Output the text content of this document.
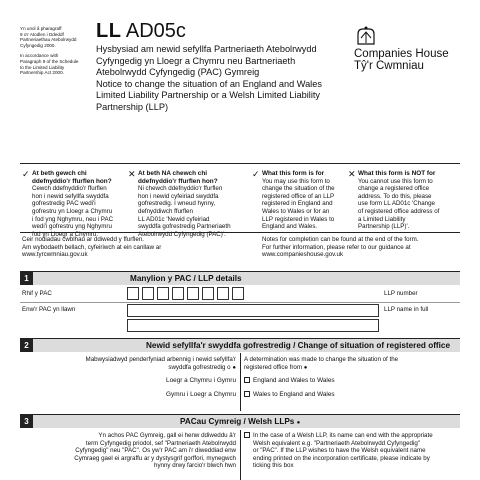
Yn unol â pharagraff
9 o'r Atodlen i Ddeddf
Partneriaethau Atebolrwydd
Cyfyngedig 2000.
In accordance with
Paragraph 9 of the Schedule
to the Limited Liability
Partnership Act 2000.
LL AD05c
Hysbysiad am newid sefyllfa Partneriaeth Atebolrwydd
Cyfyngedig yn Lloegr a Chymru neu Bartneriaeth
Atebolrwydd Cyfyngedig (PAC) Gymreig
Notice to change the situation of an England and Wales
Limited Liability Partnership or a Welsh Limited Liability
Partnership (LLP)
Companies House
Tŷ'r Cwmniau
✓ At beth gewch chi
ddefnyddio'r ffurflen hon?
Cewch ddefnyddio'r ffurflen
hon i newid sefyllfa swyddfa
gofrestredig PAC wedi'i
gofrestru yn Lloegr a Chymru
i fod yng Nghymru, neu i PAC
wedi'i gofrestru yng Nghymru
fod yn Lloegr a Chymru.
✕ At beth NA chewch chi
ddefnyddio'r ffurflen hon?
Ni chewch ddefnyddio'r ffurflen
hon i newid cyfeiriad swyddfa
gofrestredig. I wneud hynny,
defnyddiwch ffurflen
LL AD01c 'Newid cyfeiriad
swyddfa gofrestredig Partneriaeth
Atebolrwydd Cyfyngedig (PAC)'.
✓ What this form is for
You may use this form to
change the situation of the
registered office of an LLP
registered in England and
Wales to Wales or for an
LLP registered in Wales to
England and Wales.
✕ What this form is NOT for
You cannot use this form to
change a registered office
address. To do this, please
use form LL AD01c 'Change
of registered office address of
a Limited Liability
Partnership (LLP)'.
Ceir nodiadau cwblhau ar ddiwedd y ffurflen.
Am wybodaeth bellach, cyfeiriwch at ein canllaw ar
www.tyrcwmniau.gov.uk
Notes for completion can be found at the end of the form.
For further information, please refer to our guidance at
www.companieshouse.gov.uk
1	Manylion y PAC / LLP details
Rhif y PAC	LLP number
Enw'r PAC yn llawn	LLP name in full
2	Newid sefyllfa'r swyddfa gofrestredig / Change of situation of registered office
Mabwysiadwyd penderfyniad arbennig i newid sefyllfa'r
swyddfa gofrestredig o ●
A determination was made to change the situation of the
registered office from ●
Loegr a Chymru i Gymru	England and Wales to Wales
Gymru i Loegr a Chymru	Wales to England and Wales
3	PACau Cymreig / Welsh LLPs ●
Yn achos PAC Gymreig, gall ei henw ddiweddu â'r
term Cyfyngedig priodol, sef "Partneriaeth Atebolrwydd
Cyfyngedig" neu "PAC". Os yw'r PAC am i'r diweddiad enw
Cymraeg gael ei argraffu ar y dystysgrif gorffori, mynegwch
hynny drwy farcio'r blwch hwn
In the case of a Welsh LLP, its name can end with the appropriate
Welsh equivalent e.g. "Partneriaeth Atebolrwydd Cyfyngedig"
or "PAC". If the LLP wishes to have the Welsh equivalent name
ending printed on the incorporation certificate, please indicate by
ticking this box
